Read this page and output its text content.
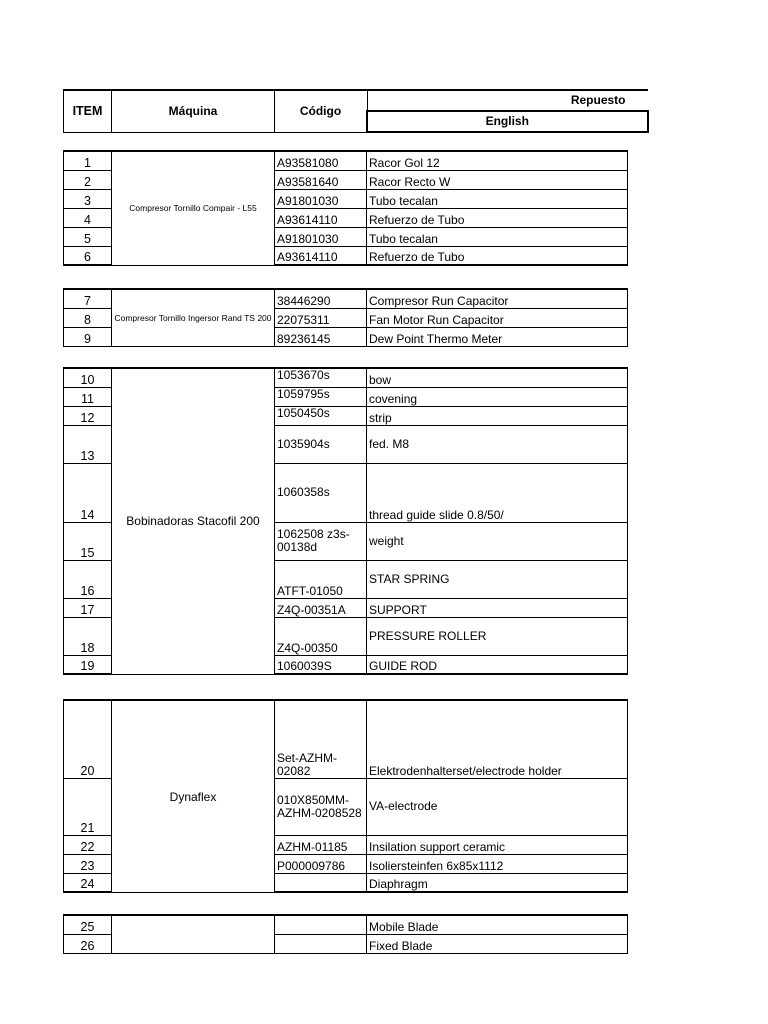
ITEM	Máquina	Código	Repuesto
English
1	Compresor Tornillo Compair - L55	A93581080	Racor Gol 12
2		A93581640	Racor Recto W
3		A91801030	Tubo tecalan
4		A93614110	Refuerzo de Tubo
5		A91801030	Tubo tecalan
6		A93614110	Refuerzo de Tubo
7	Compresor Tornillo Ingersor Rand TS 200	38446290	Compresor Run Capacitor
8		22075311	Fan Motor Run Capacitor
9		89236145	Dew Point Thermo Meter
10	Bobinadoras Stacofil 200	1053670s	bow
11		1059795s	covening
12		1050450s	strip
13		1035904s	fed. M8
14		1060358s	thread guide slide 0.8/50/
15		1062508 z3s-00138d	weight
16		ATFT-01050	STAR SPRING
17		Z4Q-00351A	SUPPORT
18		Z4Q-00350	PRESSURE ROLLER
19		1060039S	GUIDE ROD
20	Dynaflex	Set-AZHM-02082	Elektrodenhalterset/electrode holder
21		010X850MM-AZHM-0208528	VA-electrode
22		AZHM-01185	Insilation support ceramic
23		P000009786	Isoliersteinfen 6x85x1112
24			Diaphragm
25			Mobile Blade
26			Fixed Blade
